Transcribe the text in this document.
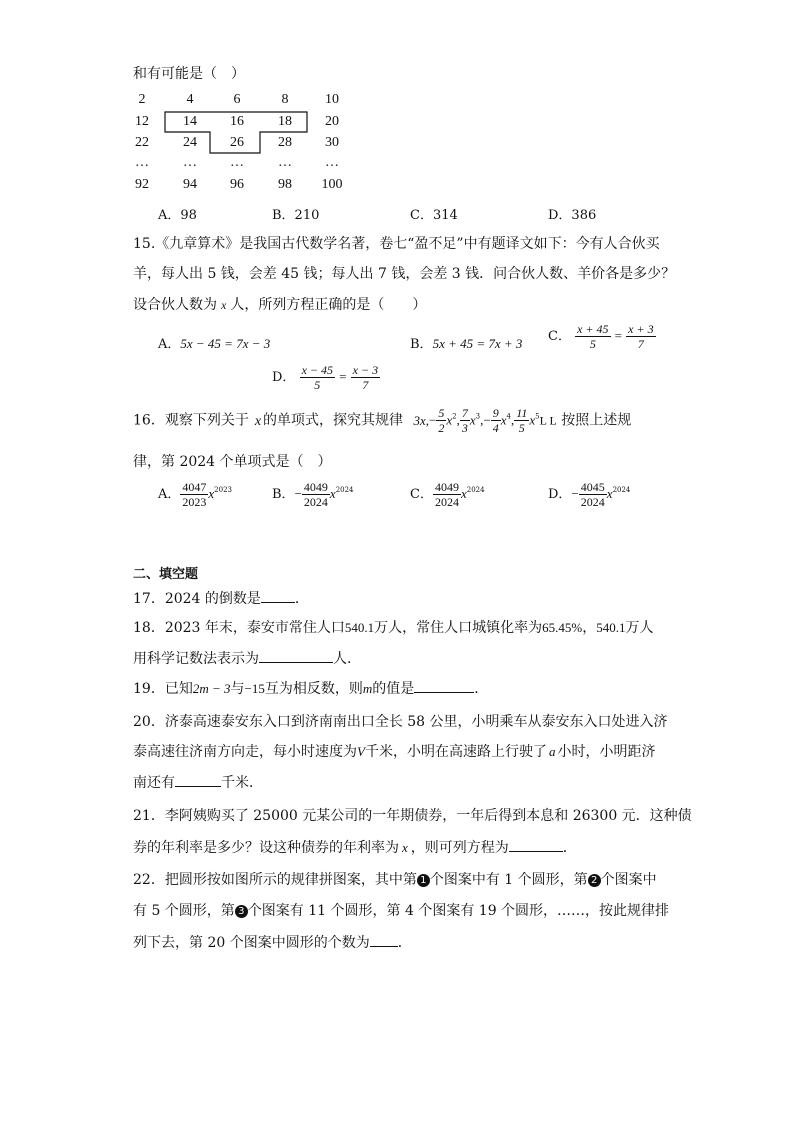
和有可能是（　）
2	4	6	8	10
12	14	16	18	20
22	24	26	28	30
…	…	…	…	…
92	94	96	98	100
A．98	B．210	C．314	D．386
15.《九章算术》是我国古代数学名著，卷七“盈不足”中有题译文如下：今有人合伙买
羊，每人出 5 钱，会差 45 钱；每人出 7 钱，会差 3 钱．问合伙人数、羊价各是多少？
设合伙人数为 x 人，所列方程正确的是（　　）
A．5x − 45 = 7x − 3	B．5x + 45 = 7x + 3 C． $\frac{x + 45}{5} = \frac{x + 3}{7}$
D． $\frac{x - 45}{5} = \frac{x - 3}{7}$
16．观察下列关于 x 的单项式，探究其规律 $3x,- \frac{5}{2} x^2$, $\frac{7}{3} x^3,- \frac{9}{4} x^4$, $\frac{11}{5} x^5L$ L 按照上述规
律，第 2024 个单项式是（　）
A． $\frac{4047}{2023} x^{2023}$	B．− $\frac{4049}{2024} x^{2024}$	C． $\frac{4049}{2024} x^{2024}$	D．− $\frac{4045}{2024} x^{2024}$
二、填空题
17．2024 的倒数是 ．
18．2023 年末，泰安市常住人口540.1万人，常住人口城镇化率为65.45%，540.1万人
用科学记数法表示为	人．
19．已知2m − 3与−15互为相反数，则m的值是	．
20．济泰高速泰安东入口到济南南出口全长 58 公里，小明乘车从泰安东入口处进入济
泰高速往济南方向走，每小时速度为V千米，小明在高速路上行驶了 a 小时，小明距济
南还有	千米．
21．李阿姨购买了 25000 元某公司的一年期债券，一年后得到本息和 26300 元．这种债
券的年利率是多少？设这种债券的年利率为 x ，则可列方程为	．
22．把圆形按如图所示的规律拼图案，其中第 1 个图案中有 1 个圆形，第 2 个图案中
有 5 个圆形，第 3 个图案有 11 个圆形，第 4 个图案有 19 个圆形，……，按此规律排
列下去，第 20 个图案中圆形的个数为 ．
